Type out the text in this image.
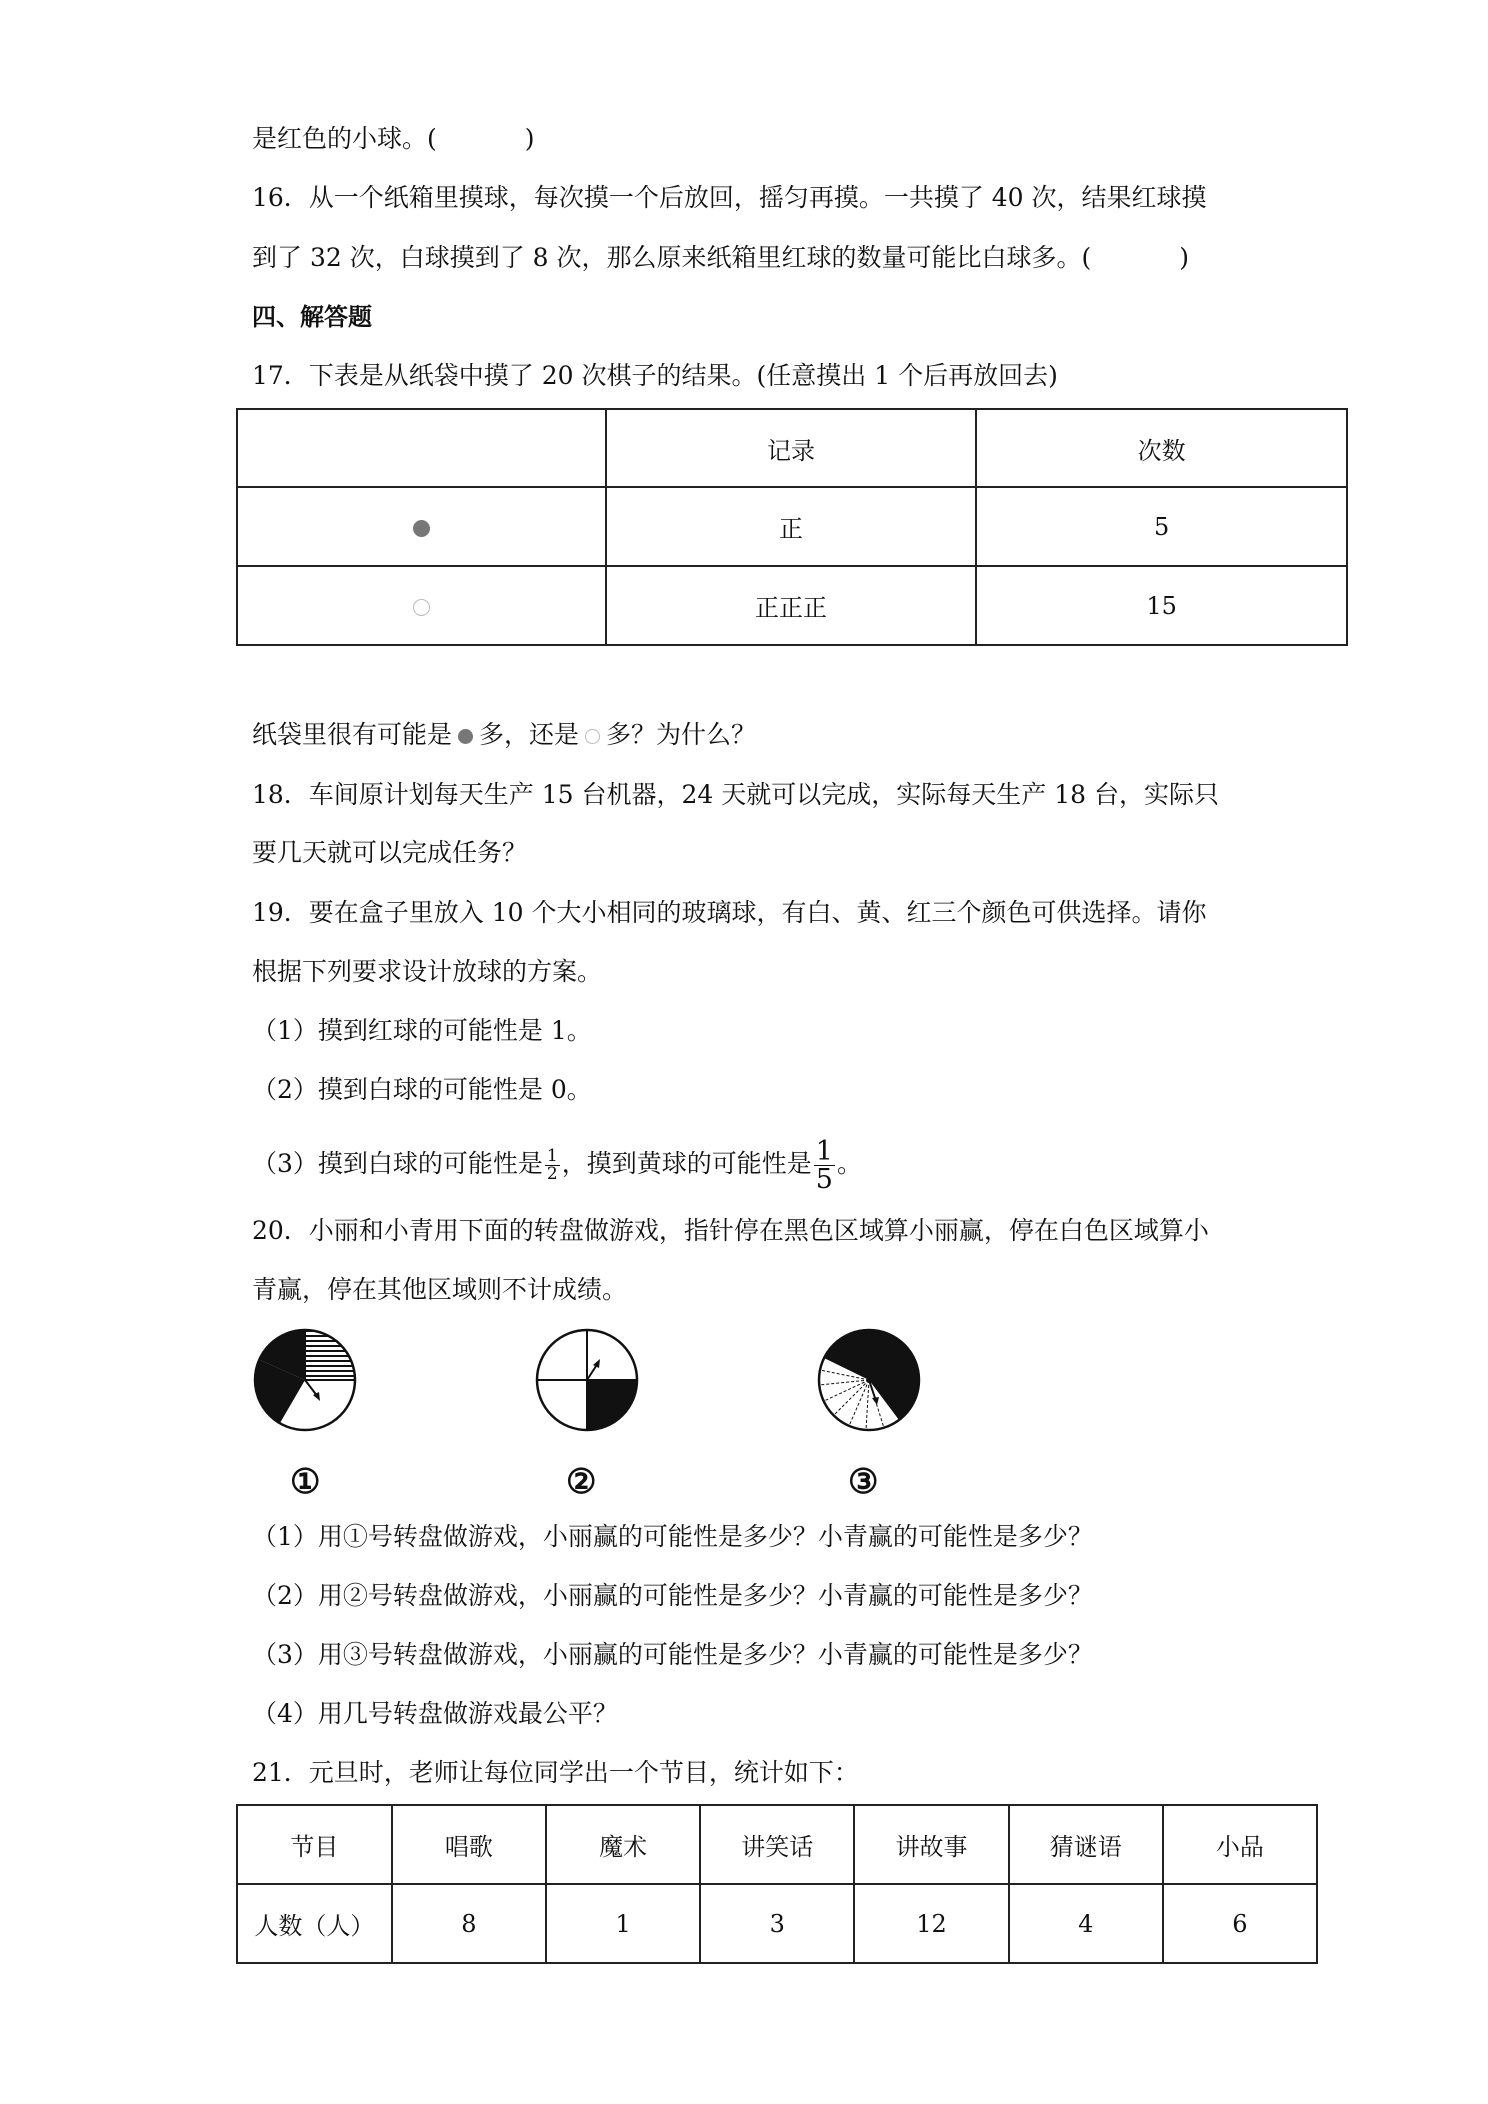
是红色的小球。(	)
16．从一个纸箱里摸球，每次摸一个后放回，摇匀再摸。一共摸了 40 次，结果红球摸
到了 32 次，白球摸到了 8 次，那么原来纸箱里红球的数量可能比白球多。(	)
四、解答题
17．下表是从纸袋中摸了 20 次棋子的结果。(任意摸出 1 个后再放回去)
	记录	次数
	正	5
	正正正	15
纸袋里很有可能是 多，还是 多？为什么？
18．车间原计划每天生产 15 台机器，24 天就可以完成，实际每天生产 18 台，实际只
要几天就可以完成任务？
19．要在盒子里放入 10 个大小相同的玻璃球，有白、黄、红三个颜色可供选择。请你
根据下列要求设计放球的方案。
（1）摸到红球的可能性是 1。
（2）摸到白球的可能性是 0。
（3）摸到白球的可能性是 $\frac{1}{2}$ ，摸到黄球的可能性是 $\frac{1}{5}$ 。
20．小丽和小青用下面的转盘做游戏，指针停在黑色区域算小丽赢，停在白色区域算小
青赢，停在其他区域则不计成绩。
①	②	③
（1）用①号转盘做游戏，小丽赢的可能性是多少？小青赢的可能性是多少？
（2）用②号转盘做游戏，小丽赢的可能性是多少？小青赢的可能性是多少？
（3）用③号转盘做游戏，小丽赢的可能性是多少？小青赢的可能性是多少？
（4）用几号转盘做游戏最公平？
21．元旦时，老师让每位同学出一个节目，统计如下：
节目	唱歌	魔术	讲笑话	讲故事	猜谜语	小品
人数（人）	8	1	3	12	4	6
